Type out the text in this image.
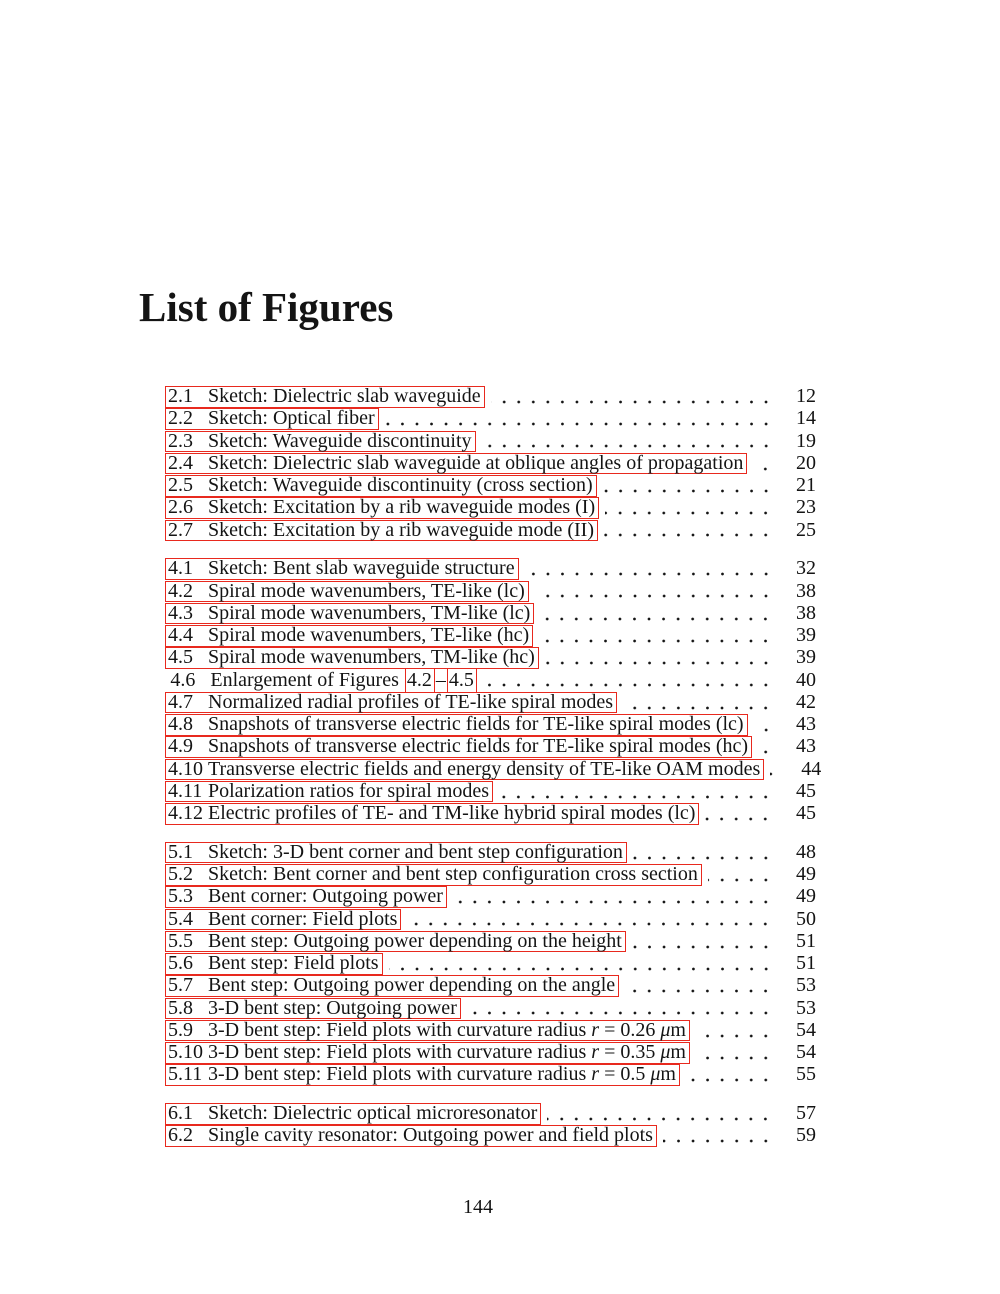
List of Figures
2.1 Sketch: Dielectric slab waveguide	12
2.2 Sketch: Optical fiber	14
2.3 Sketch: Waveguide discontinuity	19
2.4 Sketch: Dielectric slab waveguide at oblique angles of propagation	20
2.5 Sketch: Waveguide discontinuity (cross section)	21
2.6 Sketch: Excitation by a rib waveguide modes (I)	23
2.7 Sketch: Excitation by a rib waveguide mode (II)	25
4.1 Sketch: Bent slab waveguide structure	32
4.2 Spiral mode wavenumbers, TE-like (lc)	38
4.3 Spiral mode wavenumbers, TM-like (lc)	38
4.4 Spiral mode wavenumbers, TE-like (hc)	39
4.5 Spiral mode wavenumbers, TM-like (hc)	39
4.6 Enlargement of Figures 4.2 – 4.5	40
4.7 Normalized radial profiles of TE-like spiral modes	42
4.8 Snapshots of transverse electric fields for TE-like spiral modes (lc)	43
4.9 Snapshots of transverse electric fields for TE-like spiral modes (hc)	43
4.10 Transverse electric fields and energy density of TE-like OAM modes	44
4.11 Polarization ratios for spiral modes	45
4.12 Electric profiles of TE- and TM-like hybrid spiral modes (lc)	45
5.1 Sketch: 3-D bent corner and bent step configuration	48
5.2 Sketch: Bent corner and bent step configuration cross section	49
5.3 Bent corner: Outgoing power	49
5.4 Bent corner: Field plots	50
5.5 Bent step: Outgoing power depending on the height	51
5.6 Bent step: Field plots	51
5.7 Bent step: Outgoing power depending on the angle	53
5.8 3-D bent step: Outgoing power	53
5.9 3-D bent step: Field plots with curvature radius r = 0.26 μm	54
5.10 3-D bent step: Field plots with curvature radius r = 0.35 μm	54
5.11 3-D bent step: Field plots with curvature radius r = 0.5 μm	55
6.1 Sketch: Dielectric optical microresonator	57
6.2 Single cavity resonator: Outgoing power and field plots	59
144
